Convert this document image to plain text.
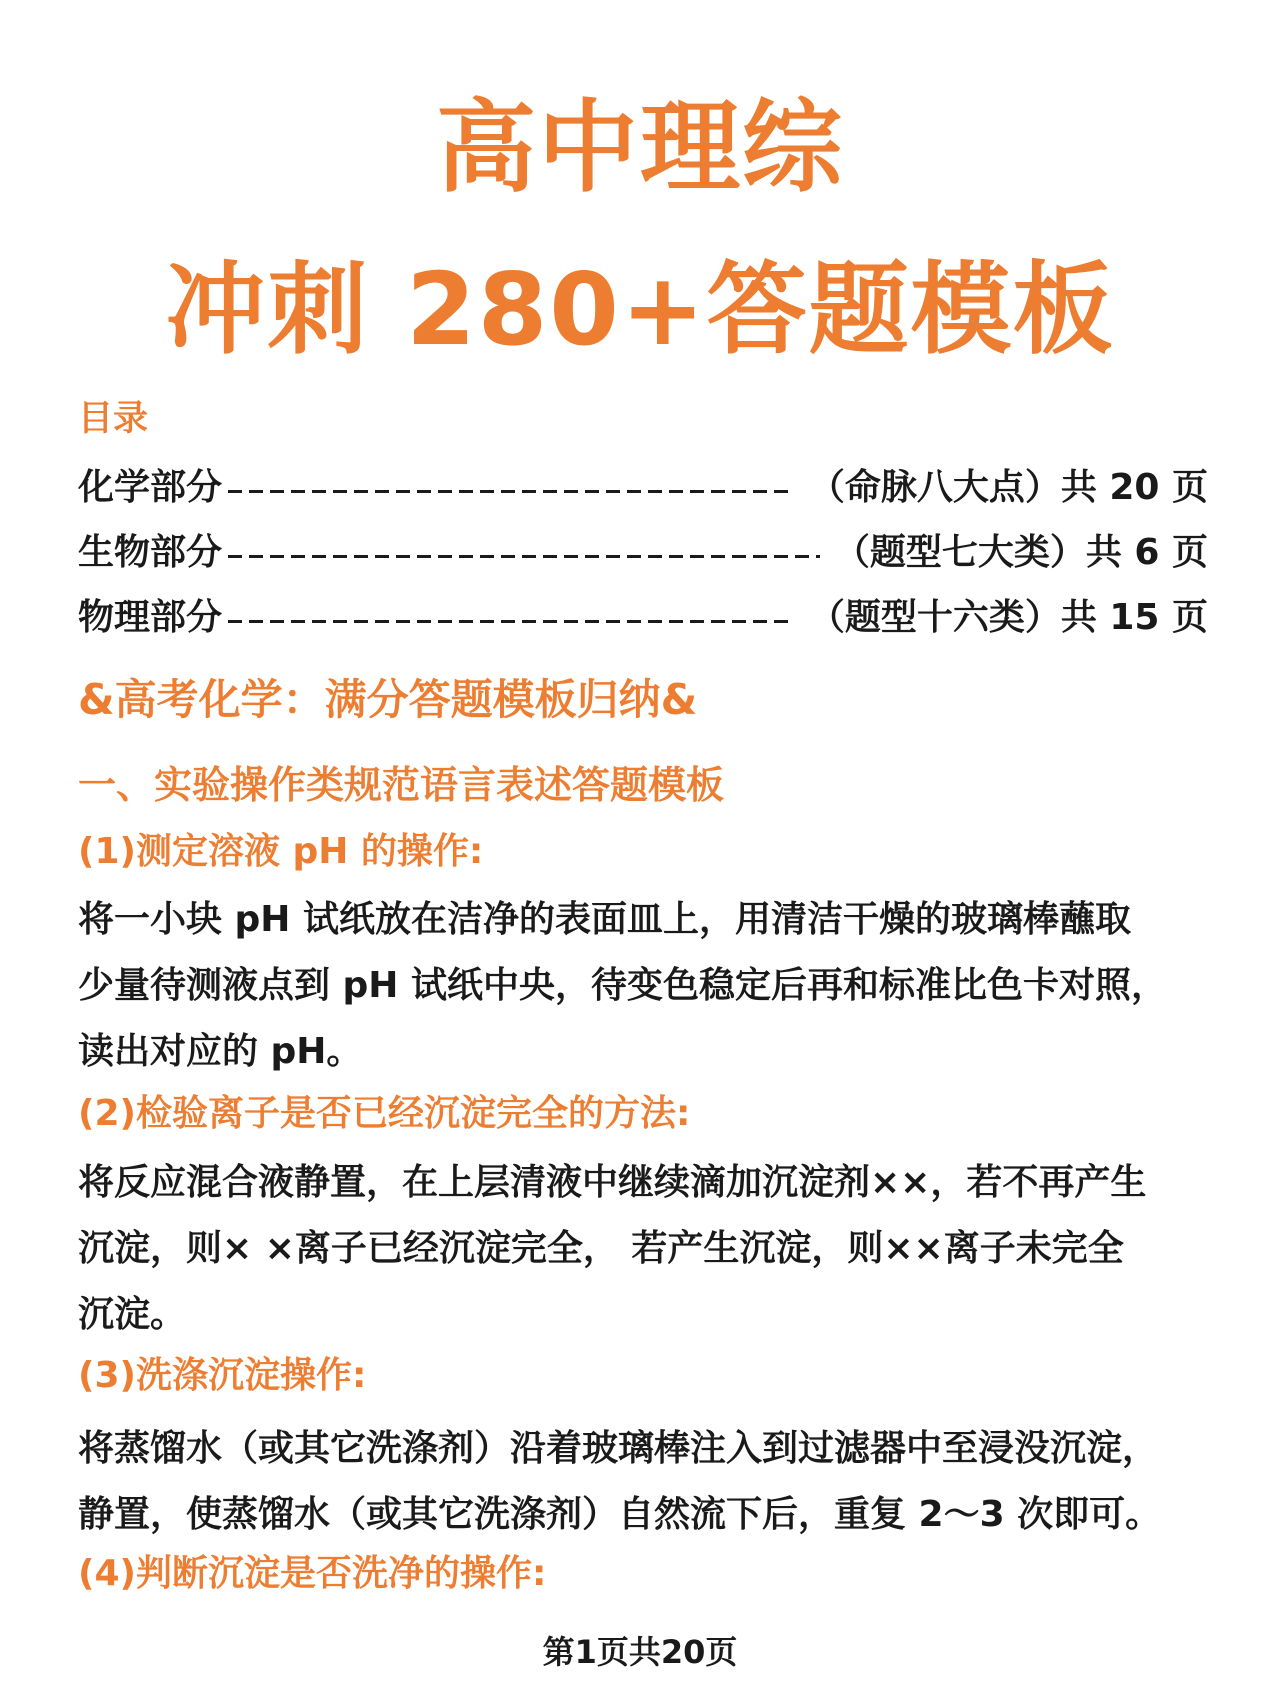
高中理综
冲刺 280+答题模板
目录
化学部分	（命脉八大点）共 20 页
生物部分	（题型七大类）共 6 页
物理部分	（题型十六类）共 15 页
&高考化学：满分答题模板归纳&
一、实验操作类规范语言表述答题模板
(1)测定溶液 pH 的操作:
将一小块 pH 试纸放在洁净的表面皿上，用清洁干燥的玻璃棒蘸取
少量待测液点到 pH 试纸中央，待变色稳定后再和标准比色卡对照，
读出对应的 pH。
(2)检验离子是否已经沉淀完全的方法:
将反应混合液静置，在上层清液中继续滴加沉淀剂××，若不再产生
沉淀，则× ×离子已经沉淀完全， 若产生沉淀，则××离子未完全
沉淀。
(3)洗涤沉淀操作:
将蒸馏水（或其它洗涤剂）沿着玻璃棒注入到过滤器中至浸没沉淀，
静置，使蒸馏水（或其它洗涤剂）自然流下后，重复 2～3 次即可。
(4)判断沉淀是否洗净的操作:
第1页共20页
